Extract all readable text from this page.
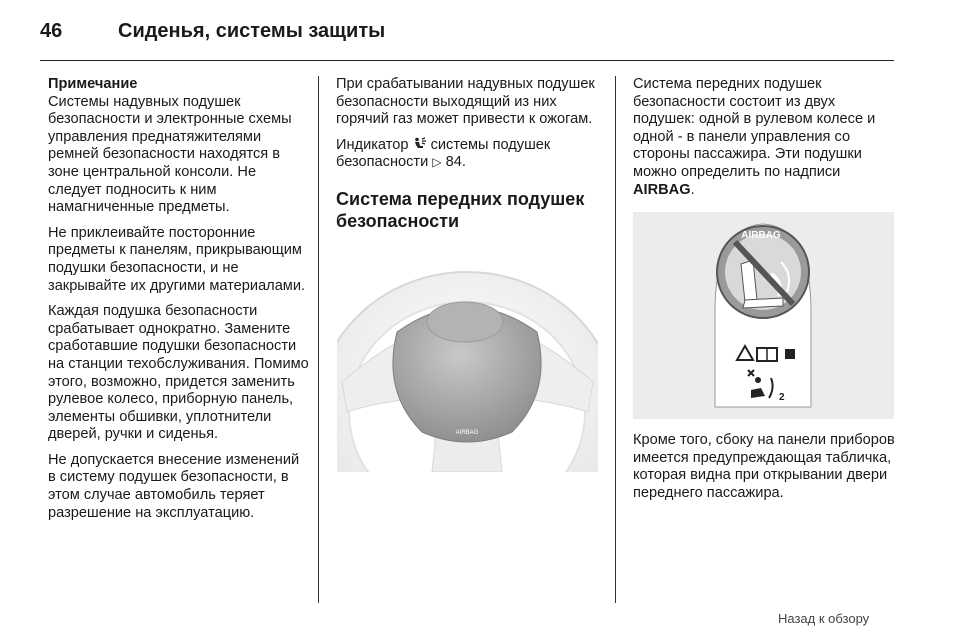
46	Сиденья, системы защиты
Примечание

Системы надувных подушек безопасности и электронные схемы управления преднатяжителями ремней безопасности находятся в зоне центральной консоли. Не следует подносить к ним намагниченные предметы.

Не приклеивайте посторонние предметы к панелям, прикрывающим подушки безопасности, и не закрывайте их другими материалами.

Каждая подушка безопасности срабатывает однократно. Замените сработавшие подушки безопасности на станции техобслуживания. Помимо этого, возможно, придется заменить рулевое колесо, приборную панель, элементы обшивки, уплотнители дверей, ручки и сиденья.

Не допускается внесение изменений в систему подушек безопасности, в этом случае автомобиль теряет разрешение на эксплуатацию.

При срабатывании надувных подушек безопасности выходящий из них горячий газ может привести к ожогам.

Индикатор системы подушек безопасности ▷ 84.

Система передних подушек безопасности
AIRBAG

Система передних подушек безопасности состоит из двух подушек: одной в рулевом колесе и одной - в панели управления со стороны пассажира. Эти подушки можно определить по надписи AIRBAG.

AIRBAG
2
Кроме того, сбоку на панели приборов имеется предупреждающая табличка, которая видна при открывании двери переднего пассажира.
Назад к обзору
